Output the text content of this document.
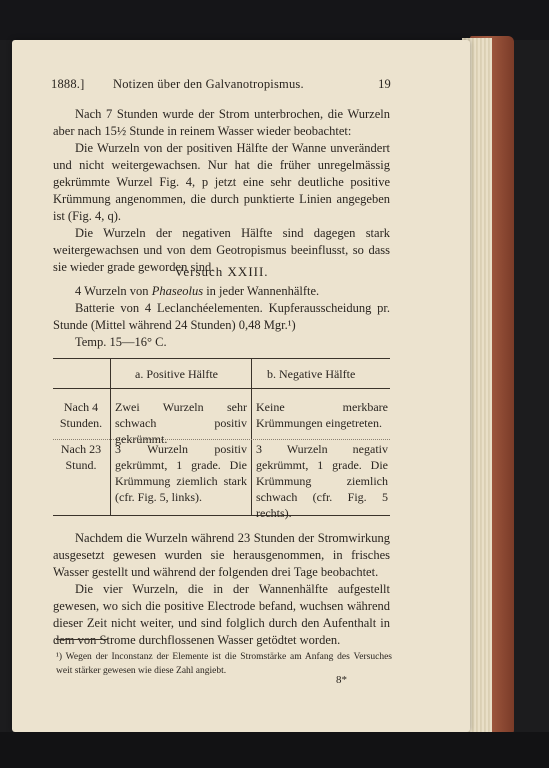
1888.] Notizen über den Galvanotropismus.	19

Nach 7 Stunden wurde der Strom unterbrochen, die Wurzeln aber nach 15½ Stunde in reinem Wasser wieder beobachtet:

Die Wurzeln von der positiven Hälfte der Wanne unverändert und nicht weitergewachsen. Nur hat die früher unregelmässig gekrümmte Wurzel Fig. 4, p jetzt eine sehr deutliche positive Krümmung angenommen, die durch punktierte Linien angegeben ist (Fig. 4, q).

Die Wurzeln der negativen Hälfte sind dagegen stark weitergewachsen und von dem Geotropismus beeinflusst, so dass sie wieder grade geworden sind.

Versuch XXIII.

4 Wurzeln von Phaseolus in jeder Wannenhälfte.

Batterie von 4 Leclanchéelementen. Kupferausscheidung pr. Stunde (Mittel während 24 Stunden) 0,48 Mgr.¹)

Temp. 15—16° C.

a. Positive Hälfte	b. Negative Hälfte
Nach 4 Stunden.
Zwei Wurzeln sehr schwach positiv gekrümmt.
Keine merkbare Krümmungen eingetreten.
Nach 23 Stund.
3 Wurzeln positiv gekrümmt, 1 grade. Die Krümmung ziemlich stark (cfr. Fig. 5, links).
3 Wurzeln negativ gekrümmt, 1 grade. Die Krümmung ziemlich schwach (cfr. Fig. 5 rechts).

Nachdem die Wurzeln während 23 Stunden der Stromwirkung ausgesetzt gewesen wurden sie herausgenommen, in frisches Wasser gestellt und während der folgenden drei Tage beobachtet.

Die vier Wurzeln, die in der Wannenhälfte aufgestellt gewesen, wo sich die positive Electrode befand, wuchsen während dieser Zeit nicht weiter, und sind folglich durch den Aufenthalt in dem von Strome durchflossenen Wasser getödtet worden.

¹) Wegen der Inconstanz der Elemente ist die Stromstärke am Anfang des Versuches weit stärker gewesen wie diese Zahl angiebt.
8*
